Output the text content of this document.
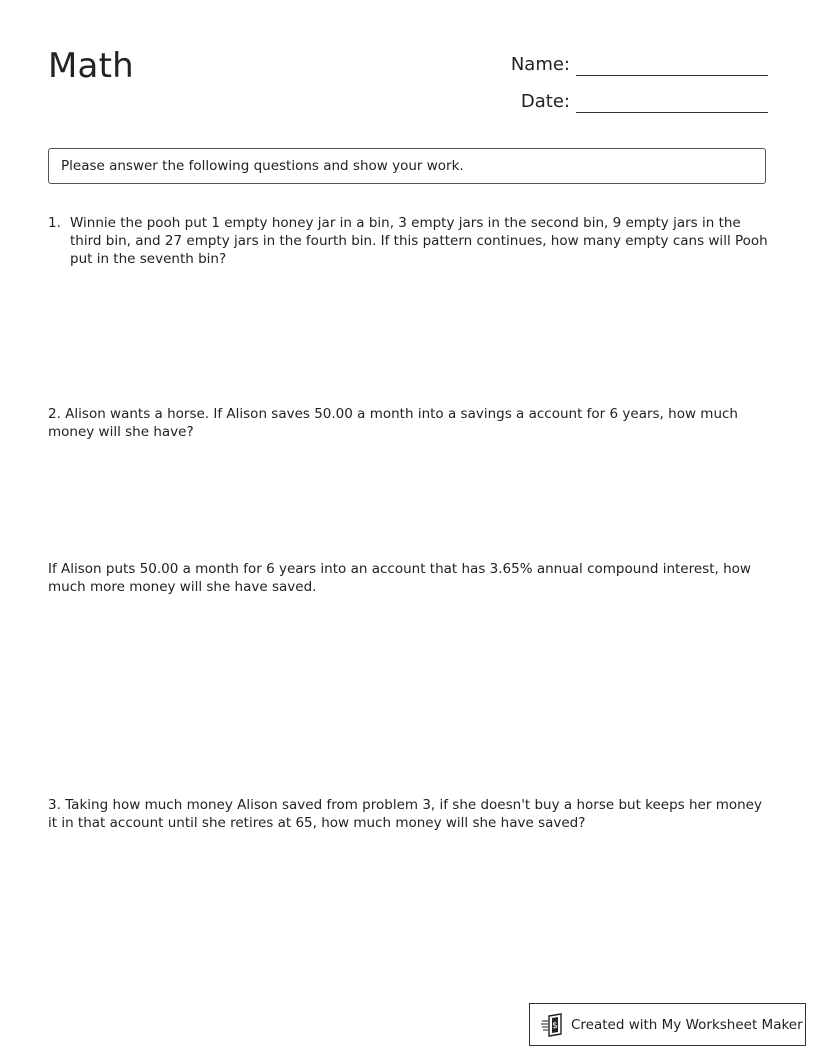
Math	Name:
Date:
Please answer the following questions and show your work.
1. Winnie the pooh put 1 empty honey jar in a bin, 3 empty jars in the second bin, 9 empty jars in the third bin, and 27 empty jars in the fourth bin. If this pattern continues, how many empty cans will Pooh put in the seventh bin?

2. Alison wants a horse. If Alison saves 50.00 a month into a savings a account for 6 years, how much money will she have?

If Alison puts 50.00 a month for 6 years into an account that has 3.65% annual compound interest, how much more money will she have saved.

3. Taking how much money Alison saved from problem 3, if she doesn't buy a horse but keeps her money it in that account until she retires at 65, how much money will she have saved?

$ Created with My Worksheet Maker
